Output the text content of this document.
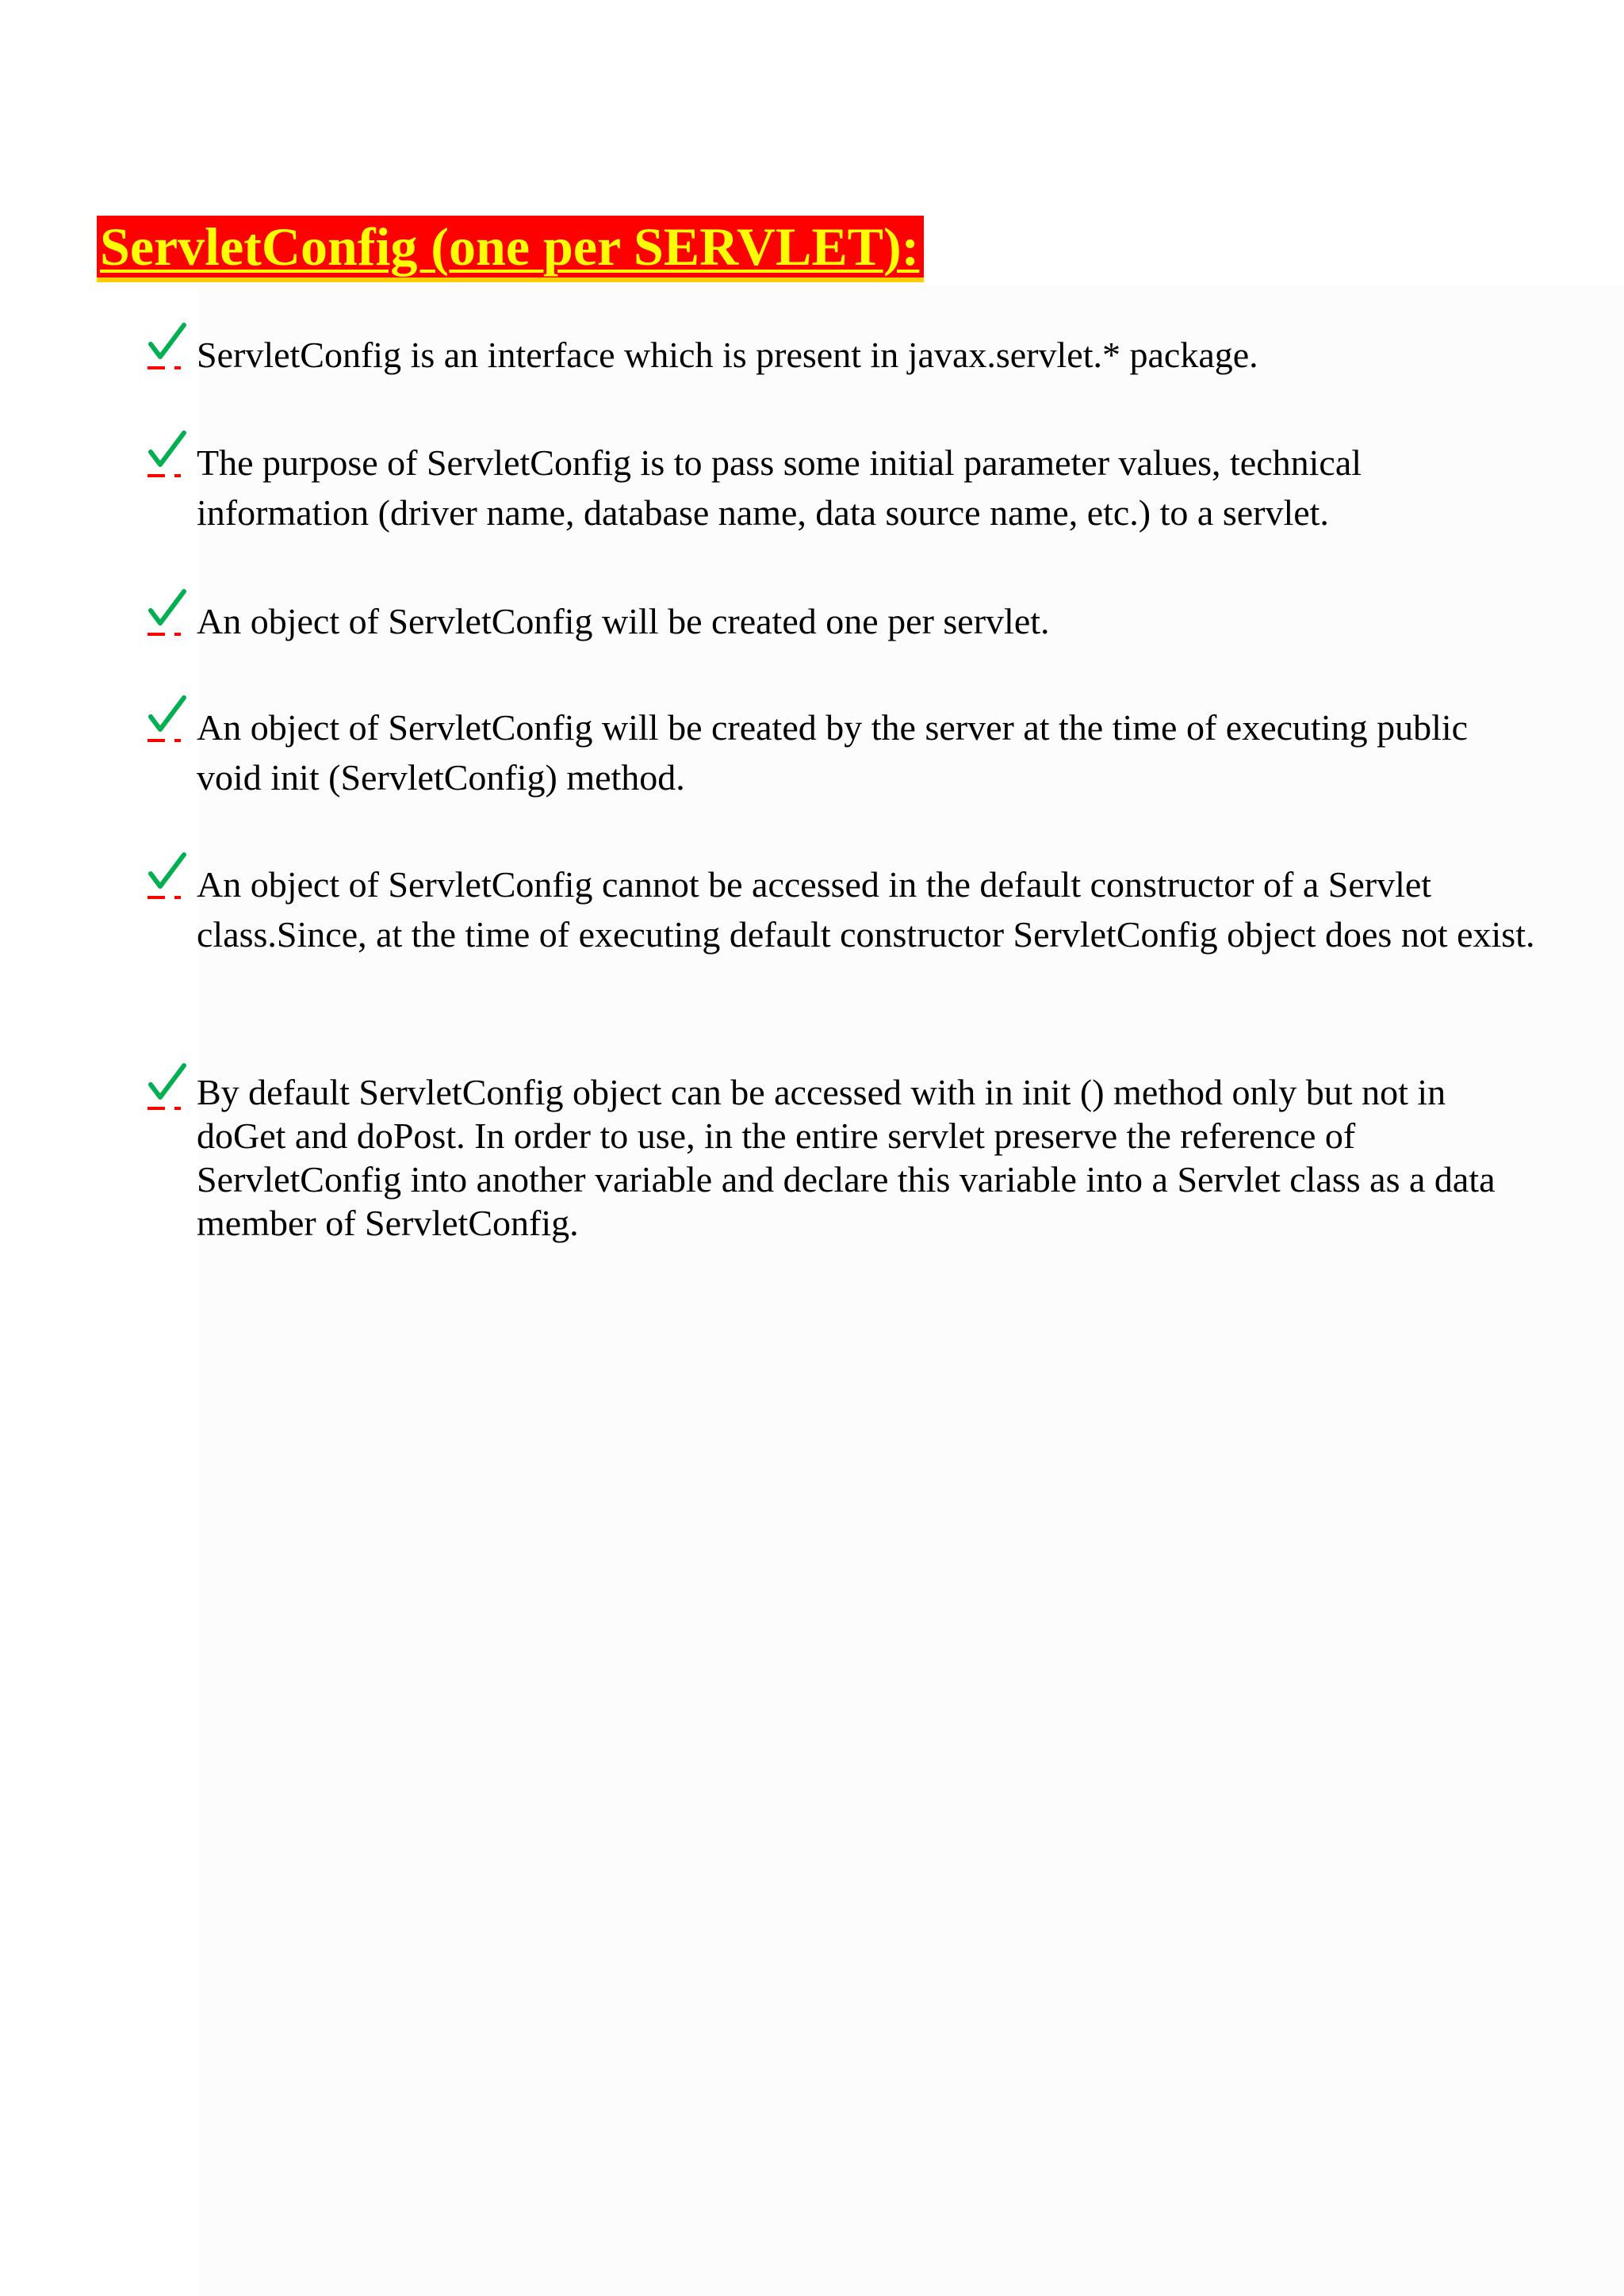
ServletConfig (one per SERVLET):
ServletConfig is an interface which is present in javax.servlet.* package.
The purpose of ServletConfig is to pass some initial parameter values, technical information (driver name, database name, data source name, etc.) to a servlet.
An object of ServletConfig will be created one per servlet.
An object of ServletConfig will be created by the server at the time of executing public void init (ServletConfig) method.
An object of ServletConfig cannot be accessed in the default constructor of a Servlet class.Since, at the time of executing default constructor ServletConfig object does not exist.
By default ServletConfig object can be accessed with in init () method only but not in doGet and doPost. In order to use, in the entire servlet preserve the reference of ServletConfig into another variable and declare this variable into a Servlet class as a data member of ServletConfig.
